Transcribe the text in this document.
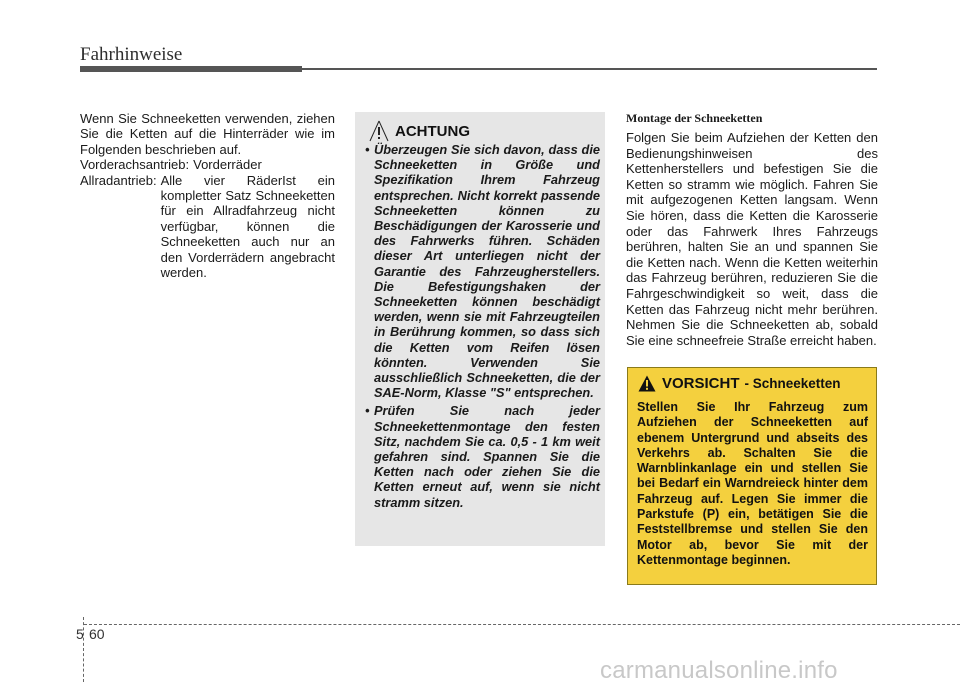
Fahrhinweise

Wenn Sie Schneeketten verwenden, ziehen Sie die Ketten auf die Hinterräder wie im Folgenden beschrieben auf.

Vorderachsantrieb: Vorderräder
Allradantrieb: Alle vier RäderIst ein kompletter Satz Schneeketten für ein Allradfahrzeug nicht verfügbar, können die Schneeketten auch nur an den Vorderrädern angebracht werden.
ACHTUNG
• Überzeugen Sie sich davon, dass die Schneeketten in Größe und Spezifikation Ihrem Fahrzeug entsprechen. Nicht korrekt passende Schneeketten können zu Beschädigungen der Karosserie und des Fahrwerks führen. Schäden dieser Art unterliegen nicht der Garantie des Fahrzeugherstellers. Die Befestigungshaken der Schneeketten können beschädigt werden, wenn sie mit Fahrzeugteilen in Berührung kommen, so dass sich die Ketten vom Reifen lösen könnten. Verwenden Sie ausschließlich Schneeketten, die der SAE-Norm, Klasse "S" entsprechen.
• Prüfen Sie nach jeder Schneekettenmontage den festen Sitz, nachdem Sie ca. 0,5 - 1 km weit gefahren sind. Spannen Sie die Ketten nach oder ziehen Sie die Ketten erneut auf, wenn sie nicht stramm sitzen.

Montage der Schneeketten

Folgen Sie beim Aufziehen der Ketten den Bedienungshinweisen des Kettenherstellers und befestigen Sie die Ketten so stramm wie möglich. Fahren Sie mit aufgezogenen Ketten langsam. Wenn Sie hören, dass die Ketten die Karosserie oder das Fahrwerk Ihres Fahrzeugs berühren, halten Sie an und spannen Sie die Ketten nach. Wenn die Ketten weiterhin das Fahrzeug berühren, reduzieren Sie die Fahrgeschwindigkeit so weit, dass die Ketten das Fahrzeug nicht mehr berühren. Nehmen Sie die Schneeketten ab, sobald Sie eine schneefreie Straße erreicht haben.

VORSICHT - Schneeketten
Stellen Sie Ihr Fahrzeug zum Aufziehen der Schneeketten auf ebenem Untergrund und abseits des Verkehrs ab. Schalten Sie die Warnblinkanlage ein und stellen Sie bei Bedarf ein Warndreieck hinter dem Fahrzeug auf. Legen Sie immer die Parkstufe (P) ein, betätigen Sie die Feststellbremse und stellen Sie den Motor ab, bevor Sie mit der Kettenmontage beginnen.
5 60
carmanualsonline.info
